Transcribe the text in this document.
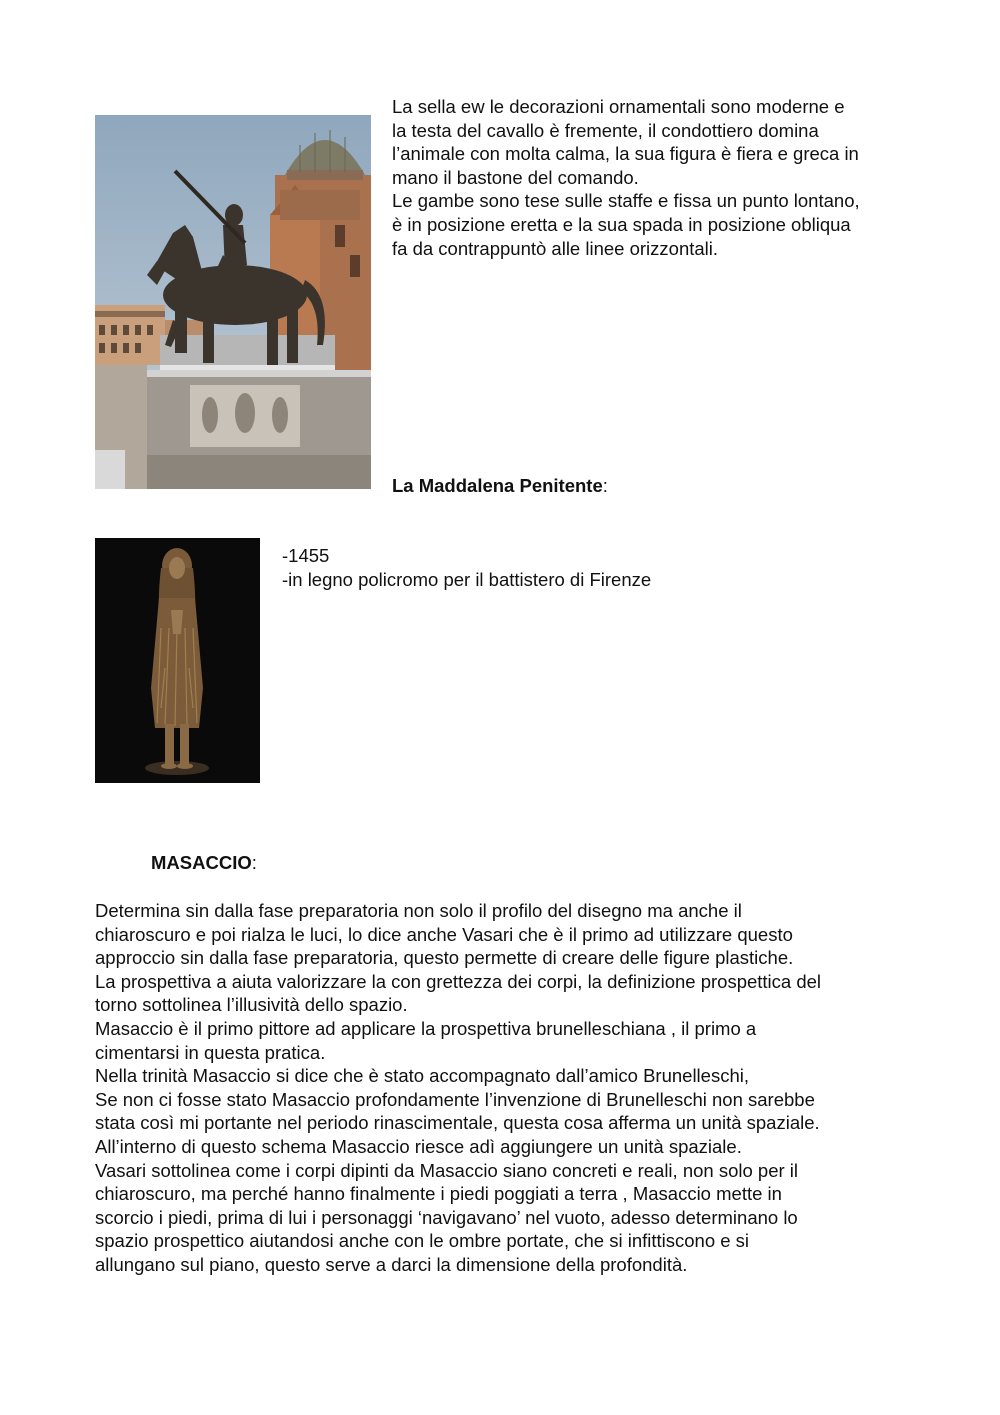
La sella ew le decorazioni ornamentali sono moderne e
la testa del cavallo è fremente, il condottiero domina
l’animale con molta calma, la sua figura è fiera e greca in
mano il bastone del comando.
Le gambe sono tese sulle staffe e fissa un punto lontano,
è in posizione eretta e la sua spada in posizione obliqua
fa da contrappuntò alle linee orizzontali.
La Maddalena Penitente:
-1455
-in legno policromo per il battistero di Firenze
MASACCIO:
Determina sin dalla fase preparatoria non solo il profilo del disegno ma anche il
chiaroscuro e poi rialza le luci, lo dice anche Vasari che è il primo ad utilizzare questo
approccio sin dalla fase preparatoria, questo permette di creare delle figure plastiche.
La prospettiva a aiuta valorizzare la con grettezza dei corpi, la definizione prospettica del
torno sottolinea l’illusività dello spazio.
Masaccio è il primo pittore ad applicare la prospettiva brunelleschiana , il primo a
cimentarsi in questa pratica.
Nella trinità Masaccio si dice che è stato accompagnato dall’amico Brunelleschi,
Se non ci fosse stato Masaccio profondamente l’invenzione di Brunelleschi non sarebbe
stata così mi portante nel periodo rinascimentale, questa cosa afferma un unità spaziale.
All’interno di questo schema Masaccio riesce adì aggiungere un unità spaziale.
Vasari sottolinea come i corpi dipinti da Masaccio siano concreti e reali, non solo per il
chiaroscuro, ma perché hanno finalmente i piedi poggiati a terra , Masaccio mette in
scorcio i piedi, prima di lui i personaggi ‘navigavano’ nel vuoto, adesso determinano lo
spazio prospettico aiutandosi anche con le ombre portate, che si infittiscono e si
allungano sul piano, questo serve a darci la dimensione della profondità.
